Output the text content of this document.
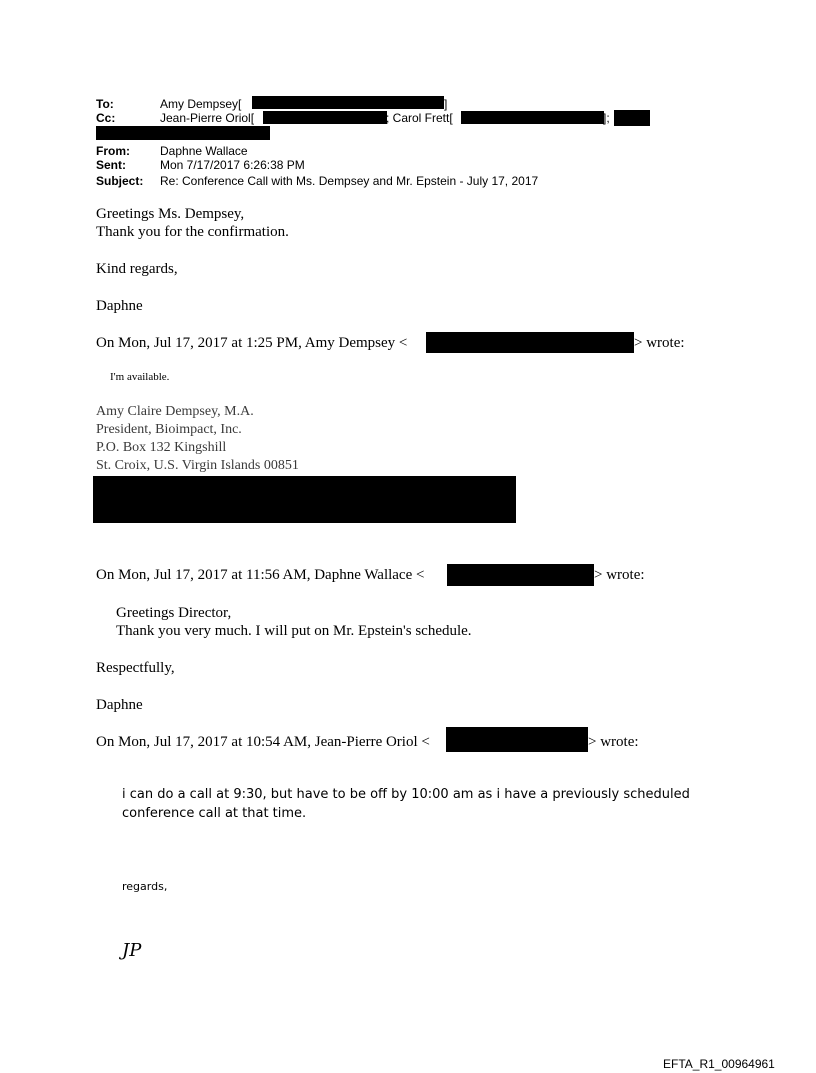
To:	Amy Dempsey[	]
Cc:	Jean-Pierre Oriol[	; Carol Frett[	];
From:	Daphne Wallace
Sent:	Mon 7/17/2017 6:26:38 PM
Subject: Re: Conference Call with Ms. Dempsey and Mr. Epstein - July 17, 2017
Greetings Ms. Dempsey,
Thank you for the confirmation.
Kind regards,
Daphne
On Mon, Jul 17, 2017 at 1:25 PM, Amy Dempsey <	> wrote:
I'm available.
Amy Claire Dempsey, M.A.
President, Bioimpact, Inc.
P.O. Box 132 Kingshill
St. Croix, U.S. Virgin Islands 00851
On Mon, Jul 17, 2017 at 11:56 AM, Daphne Wallace <	> wrote:
Greetings Director,
Thank you very much. I will put on Mr. Epstein's schedule.
Respectfully,
Daphne
On Mon, Jul 17, 2017 at 10:54 AM, Jean-Pierre Oriol <	> wrote:
i can do a call at 9:30, but have to be off by 10:00 am as i have a previously scheduled
conference call at that time.
regards,
JP
EFTA_R1_00964961
